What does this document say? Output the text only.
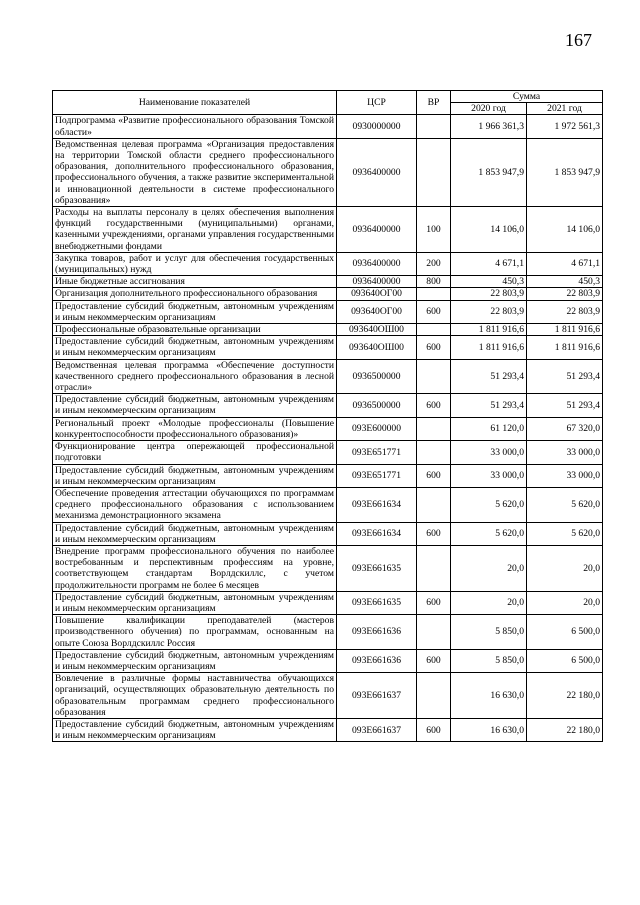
167
Наименование показателей	ЦСР	ВР	Сумма	
			2020 год	2021 год
Подпрограмма «Развитие профессионального образования Томской области»	0930000000		1 966 361,3	1 972 561,3
Ведомственная целевая программа «Организация предоставления на территории Томской области среднего профессионального образования, дополнительного профессионального образования, профессионального обучения, а также развитие экспериментальной и инновационной деятельности в системе профессионального образования»	0936400000		1 853 947,9	1 853 947,9
Расходы на выплаты персоналу в целях обеспечения выполнения функций государственными (муниципальными) органами, казенными учреждениями, органами управления государственными внебюджетными фондами	0936400000	100	14 106,0	14 106,0
Закупка товаров, работ и услуг для обеспечения государственных (муниципальных) нужд	0936400000	200	4 671,1	4 671,1
Иные бюджетные ассигнования	0936400000	800	450,3	450,3
Организация дополнительного профессионального образования	093640ОГ00		22 803,9	22 803,9
Предоставление субсидий бюджетным, автономным учреждениям и иным некоммерческим организациям	093640ОГ00	600	22 803,9	22 803,9
Профессиональные образовательные организации	093640ОШ00		1 811 916,6	1 811 916,6
Предоставление субсидий бюджетным, автономным учреждениям и иным некоммерческим организациям	093640ОШ00	600	1 811 916,6	1 811 916,6
Ведомственная целевая программа «Обеспечение доступности качественного среднего профессионального образования в лесной отрасли»	0936500000		51 293,4	51 293,4
Предоставление субсидий бюджетным, автономным учреждениям и иным некоммерческим организациям	0936500000	600	51 293,4	51 293,4
Региональный проект «Молодые профессионалы (Повышение конкурентоспособности профессионального образования)»	093E600000		61 120,0	67 320,0
Функционирование центра опережающей профессиональной подготовки	093E651771		33 000,0	33 000,0
Предоставление субсидий бюджетным, автономным учреждениям и иным некоммерческим организациям	093E651771	600	33 000,0	33 000,0
Обеспечение проведения аттестации обучающихся по программам среднего профессионального образования с использованием механизма демонстрационного экзамена	093E661634		5 620,0	5 620,0
Предоставление субсидий бюджетным, автономным учреждениям и иным некоммерческим организациям	093E661634	600	5 620,0	5 620,0
Внедрение программ профессионального обучения по наиболее востребованным и перспективным профессиям на уровне, соответствующем стандартам Ворлдскиллс, с учетом продолжительности программ не более 6 месяцев	093E661635		20,0	20,0
Предоставление субсидий бюджетным, автономным учреждениям и иным некоммерческим организациям	093E661635	600	20,0	20,0
Повышение квалификации преподавателей (мастеров производственного обучения) по программам, основанным на опыте Союза Ворлдскиллс Россия	093E661636		5 850,0	6 500,0
Предоставление субсидий бюджетным, автономным учреждениям и иным некоммерческим организациям	093E661636	600	5 850,0	6 500,0
Вовлечение в различные формы наставничества обучающихся организаций, осуществляющих образовательную деятельность по образовательным программам среднего профессионального образования	093E661637		16 630,0	22 180,0
Предоставление субсидий бюджетным, автономным учреждениям и иным некоммерческим организациям	093E661637	600	16 630,0	22 180,0
